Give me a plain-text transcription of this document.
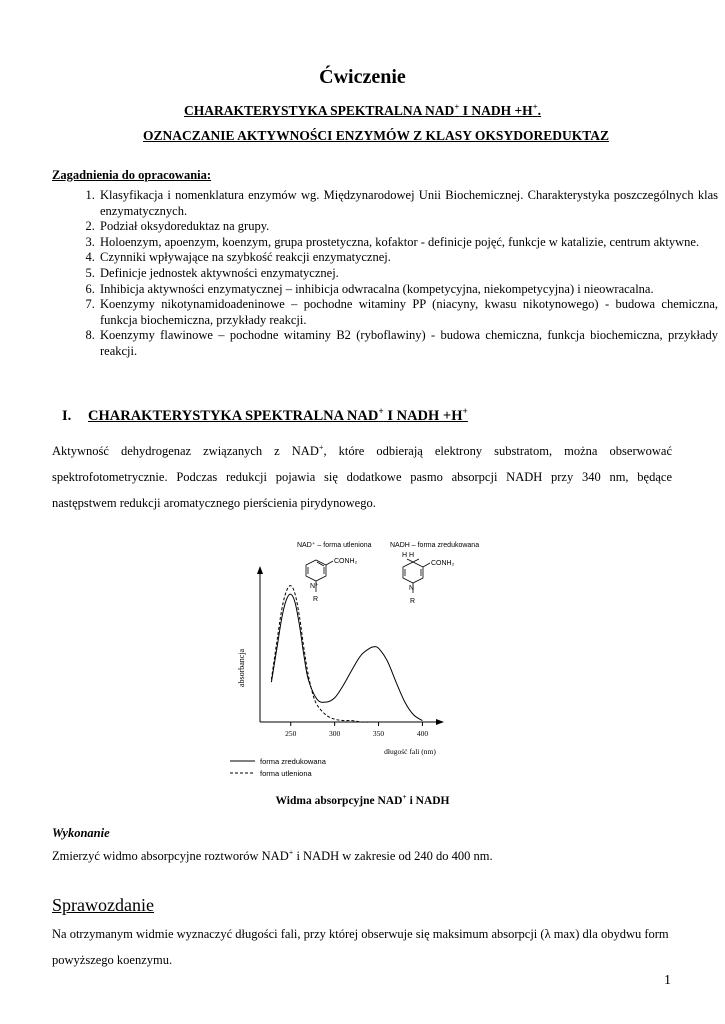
Ćwiczenie
CHARAKTERYSTYKA SPEKTRALNA NAD+ I NADH +H+.
OZNACZANIE AKTYWNOŚCI ENZYMÓW Z KLASY OKSYDOREDUKTAZ
Zagadnienia do opracowania:
1. Klasyfikacja i nomenklatura enzymów wg. Międzynarodowej Unii Biochemicznej. Charakterystyka poszczególnych klas enzymatycznych.
2. Podział oksydoreduktaz na grupy.
3. Holoenzym, apoenzym, koenzym, grupa prostetyczna, kofaktor - definicje pojęć, funkcje w katalizie, centrum aktywne.
4. Czynniki wpływające na szybkość reakcji enzymatycznej.
5. Definicje jednostek aktywności enzymatycznej.
6. Inhibicja aktywności enzymatycznej – inhibicja odwracalna (kompetycyjna, niekompetycyjna) i nieowracalna.
7. Koenzymy nikotynamidoadeninowe – pochodne witaminy PP (niacyny, kwasu nikotynowego) - budowa chemiczna, funkcja biochemiczna, przykłady reakcji.
8. Koenzymy flawinowe – pochodne witaminy B2 (ryboflawiny) - budowa chemiczna, funkcja biochemiczna, przykłady reakcji.
I. CHARAKTERYSTYKA SPEKTRALNA NAD+ I NADH +H+
Aktywność dehydrogenaz związanych z NAD+, które odbierają elektrony substratom, można obserwować spektrofotometrycznie. Podczas redukcji pojawia się dodatkowe pasmo absorpcji NADH przy 340 nm, będące następstwem redukcji aromatycznego pierścienia pirydynowego.
NAD⁺ – forma utleniona
CONH₂
N⁺
R
NADH – forma zredukowana
H H
CONH₂
N
R
absorbancja
250	300	350	400
długość fali (nm)
forma zredukowana
forma utleniona
Widma absorpcyjne NAD+ i NADH
Wykonanie
Zmierzyć widmo absorpcyjne roztworów NAD+ i NADH w zakresie od 240 do 400 nm.
Sprawozdanie
Na otrzymanym widmie wyznaczyć długości fali, przy której obserwuje się maksimum absorpcji (λ max) dla obydwu form powyższego koenzymu.
1
